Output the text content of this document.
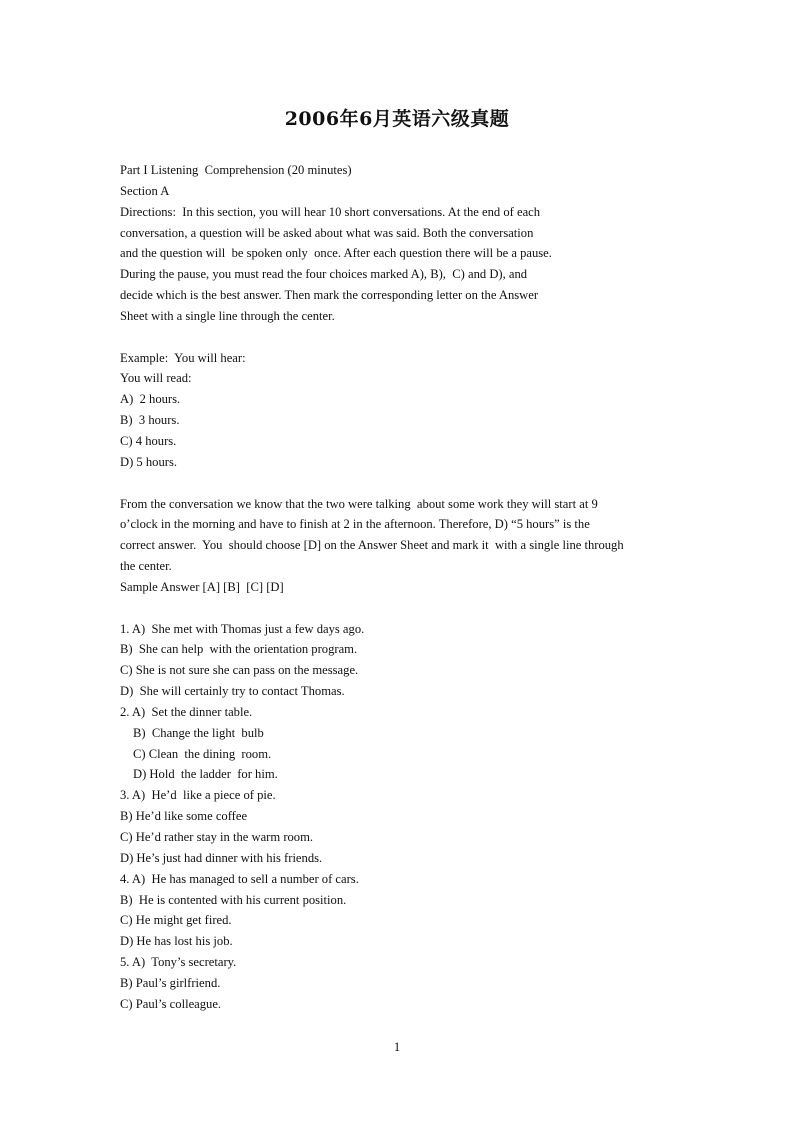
2006年6月英语六级真题
Part I Listening  Comprehension (20 minutes)
Section A
Directions:  In this section, you will hear 10 short conversations. At the end of each
conversation, a question will be asked about what was said. Both the conversation
and the question will  be spoken only  once. After each question there will be a pause.
During the pause, you must read the four choices marked A), B),  C) and D), and
decide which is the best answer. Then mark the corresponding letter on the Answer
Sheet with a single line through the center.
Example:  You will hear:
You will read:
A)  2 hours.
B)  3 hours.
C) 4 hours.
D) 5 hours.
From the conversation we know that the two were talking  about some work they will start at 9
o’clock in the morning and have to finish at 2 in the afternoon. Therefore, D) “5 hours” is the
correct answer.  You  should choose [D] on the Answer Sheet and mark it  with a single line through
the center.
Sample Answer [A] [B]  [C] [D]
1. A)  She met with Thomas just a few days ago.
B)  She can help  with the orientation program.
C) She is not sure she can pass on the message.
D)  She will certainly try to contact Thomas.
2. A)  Set the dinner table.
B)  Change the light  bulb
C) Clean  the dining  room.
D) Hold  the ladder  for him.
3. A)  He’d  like a piece of pie.
B) He’d like some coffee
C) He’d rather stay in the warm room.
D) He’s just had dinner with his friends.
4. A)  He has managed to sell a number of cars.
B)  He is contented with his current position.
C) He might get fired.
D) He has lost his job.
5. A)  Tony’s secretary.
B) Paul’s girlfriend.
C) Paul’s colleague.
1
